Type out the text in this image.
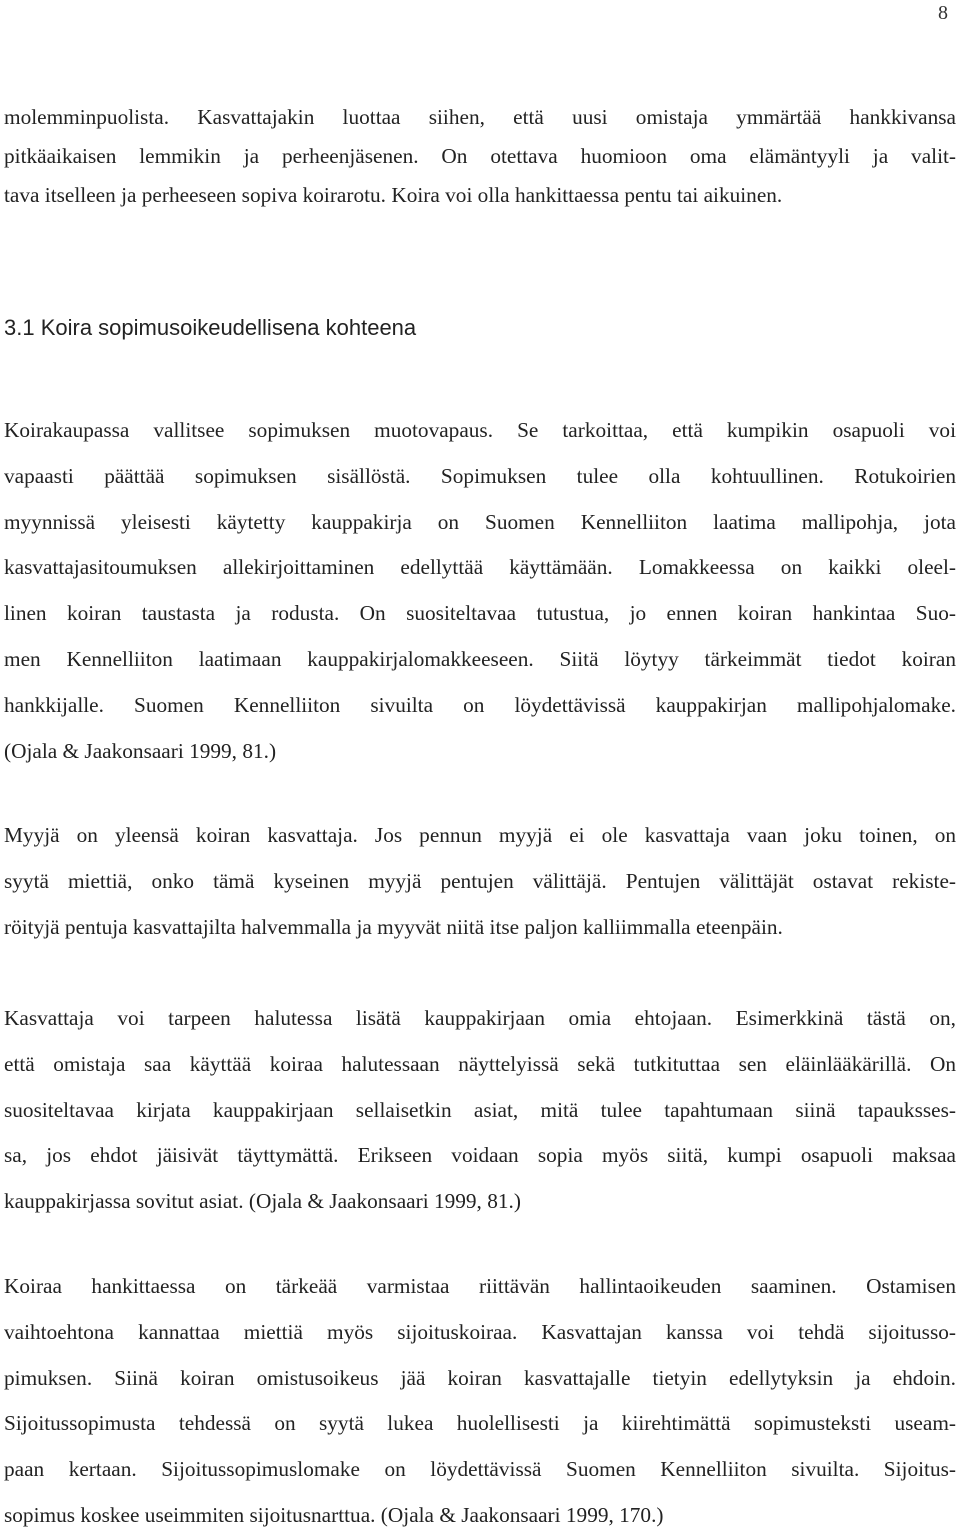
8
molemminpuolista. Kasvattajakin luottaa siihen, että uusi omistaja ymmärtää hankkivansa
pitkäaikaisen lemmikin ja perheenjäsenen. On otettava huomioon oma elämäntyyli ja valit-
tava itselleen ja perheeseen sopiva koirarotu. Koira voi olla hankittaessa pentu tai aikuinen.
3.1 Koira sopimusoikeudellisena kohteena
Koirakaupassa vallitsee sopimuksen muotovapaus. Se tarkoittaa, että kumpikin osapuoli voi
vapaasti päättää sopimuksen sisällöstä. Sopimuksen tulee olla kohtuullinen. Rotukoirien
myynnissä yleisesti käytetty kauppakirja on Suomen Kennelliiton laatima mallipohja, jota
kasvattajasitoumuksen allekirjoittaminen edellyttää käyttämään. Lomakkeessa on kaikki oleel-
linen koiran taustasta ja rodusta. On suositeltavaa tutustua, jo ennen koiran hankintaa Suo-
men Kennelliiton laatimaan kauppakirjalomakkeeseen. Siitä löytyy tärkeimmät tiedot koiran
hankkijalle. Suomen Kennelliiton sivuilta on löydettävissä kauppakirjan mallipohjalomake.
(Ojala & Jaakonsaari 1999, 81.)
Myyjä on yleensä koiran kasvattaja. Jos pennun myyjä ei ole kasvattaja vaan joku toinen, on
syytä miettiä, onko tämä kyseinen myyjä pentujen välittäjä. Pentujen välittäjät ostavat rekiste-
röityjä pentuja kasvattajilta halvemmalla ja myyvät niitä itse paljon kalliimmalla eteenpäin.
Kasvattaja voi tarpeen halutessa lisätä kauppakirjaan omia ehtojaan. Esimerkkinä tästä on,
että omistaja saa käyttää koiraa halutessaan näyttelyissä sekä tutkituttaa sen eläinlääkärillä. On
suositeltavaa kirjata kauppakirjaan sellaisetkin asiat, mitä tulee tapahtumaan siinä tapauksses-
sa, jos ehdot jäisivät täyttymättä. Erikseen voidaan sopia myös siitä, kumpi osapuoli maksaa
kauppakirjassa sovitut asiat. (Ojala & Jaakonsaari 1999, 81.)
Koiraa hankittaessa on tärkeää varmistaa riittävän hallintaoikeuden saaminen. Ostamisen
vaihtoehtona kannattaa miettiä myös sijoituskoiraa. Kasvattajan kanssa voi tehdä sijoitusso-
pimuksen. Siinä koiran omistusoikeus jää koiran kasvattajalle tietyin edellytyksin ja ehdoin.
Sijoitussopimusta tehdessä on syytä lukea huolellisesti ja kiirehtimättä sopimusteksti useam-
paan kertaan. Sijoitussopimuslomake on löydettävissä Suomen Kennelliiton sivuilta. Sijoitus-
sopimus koskee useimmiten sijoitusnarttua. (Ojala & Jaakonsaari 1999, 170.)
